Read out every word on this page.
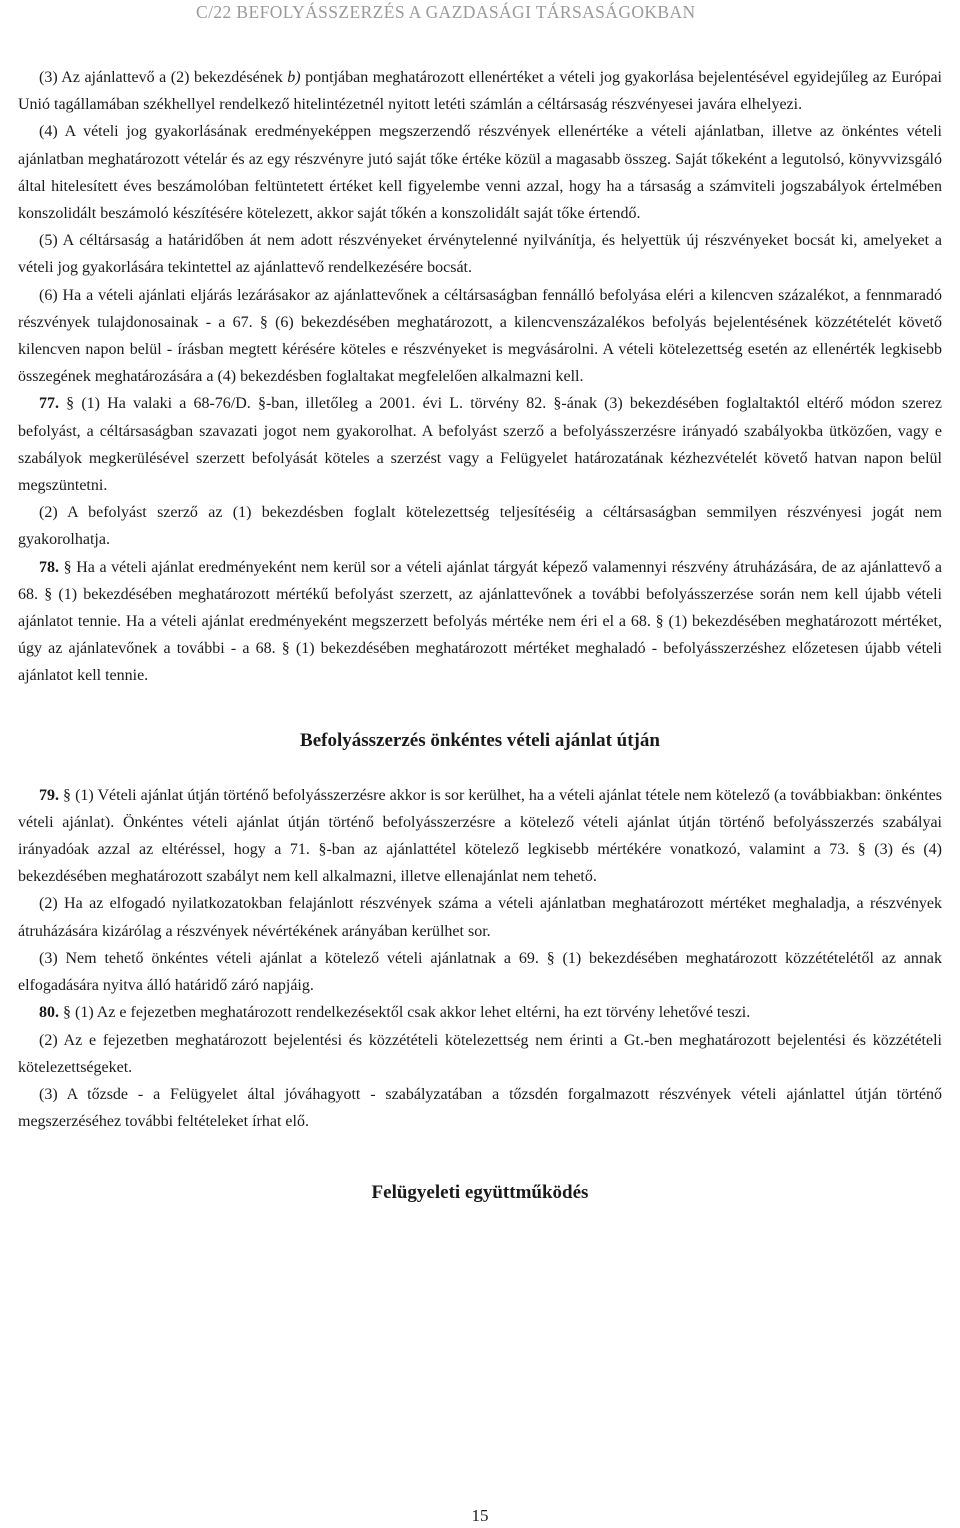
C/22 BEFOLYÁSSZERZÉS A GAZDASÁGI TÁRSASÁGOKBAN

(3) Az ajánlattevő a (2) bekezdésének b) pontjában meghatározott ellenértéket a vételi jog gyakorlása bejelentésével egyidejűleg az Európai Unió tagállamában székhellyel rendelkező hitelintézetnél nyitott letéti számlán a céltársaság részvényesei javára elhelyezi.

(4) A vételi jog gyakorlásának eredményeképpen megszerzendő részvények ellenértéke a vételi ajánlatban, illetve az önkéntes vételi ajánlatban meghatározott vételár és az egy részvényre jutó saját tőke értéke közül a magasabb összeg. Saját tőkeként a legutolsó, könyvvizsgáló által hitelesített éves beszámolóban feltüntetett értéket kell figyelembe venni azzal, hogy ha a társaság a számviteli jogszabályok értelmében konszolidált beszámoló készítésére kötelezett, akkor saját tőkén a konszolidált saját tőke értendő.

(5) A céltársaság a határidőben át nem adott részvényeket érvénytelenné nyilvánítja, és helyettük új részvényeket bocsát ki, amelyeket a vételi jog gyakorlására tekintettel az ajánlattevő rendelkezésére bocsát.

(6) Ha a vételi ajánlati eljárás lezárásakor az ajánlattevőnek a céltársaságban fennálló befolyása eléri a kilencven százalékot, a fennmaradó részvények tulajdonosainak - a 67. § (6) bekezdésében meghatározott, a kilencvenszázalékos befolyás bejelentésének közzétételét követő kilencven napon belül - írásban megtett kérésére köteles e részvényeket is megvásárolni. A vételi kötelezettség esetén az ellenérték legkisebb összegének meghatározására a (4) bekezdésben foglaltakat megfelelően alkalmazni kell.

77. § (1) Ha valaki a 68-76/D. §-ban, illetőleg a 2001. évi L. törvény 82. §-ának (3) bekezdésében foglaltaktól eltérő módon szerez befolyást, a céltársaságban szavazati jogot nem gyakorolhat. A befolyást szerző a befolyásszerzésre irányadó szabályokba ütközően, vagy e szabályok megkerülésével szerzett befolyását köteles a szerzést vagy a Felügyelet határozatának kézhezvételét követő hatvan napon belül megszüntetni.

(2) A befolyást szerző az (1) bekezdésben foglalt kötelezettség teljesítéséig a céltársaságban semmilyen részvényesi jogát nem gyakorolhatja.

78. § Ha a vételi ajánlat eredményeként nem kerül sor a vételi ajánlat tárgyát képező valamennyi részvény átruházására, de az ajánlattevő a 68. § (1) bekezdésében meghatározott mértékű befolyást szerzett, az ajánlattevőnek a további befolyásszerzése során nem kell újabb vételi ajánlatot tennie. Ha a vételi ajánlat eredményeként megszerzett befolyás mértéke nem éri el a 68. § (1) bekezdésében meghatározott mértéket, úgy az ajánlatevőnek a további - a 68. § (1) bekezdésében meghatározott mértéket meghaladó - befolyásszerzéshez előzetesen újabb vételi ajánlatot kell tennie.

Befolyásszerzés önkéntes vételi ajánlat útján

79. § (1) Vételi ajánlat útján történő befolyásszerzésre akkor is sor kerülhet, ha a vételi ajánlat tétele nem kötelező (a továbbiakban: önkéntes vételi ajánlat). Önkéntes vételi ajánlat útján történő befolyásszerzésre a kötelező vételi ajánlat útján történő befolyásszerzés szabályai irányadóak azzal az eltéréssel, hogy a 71. §-ban az ajánlattétel kötelező legkisebb mértékére vonatkozó, valamint a 73. § (3) és (4) bekezdésében meghatározott szabályt nem kell alkalmazni, illetve ellenajánlat nem tehető.

(2) Ha az elfogadó nyilatkozatokban felajánlott részvények száma a vételi ajánlatban meghatározott mértéket meghaladja, a részvények átruházására kizárólag a részvények névértékének arányában kerülhet sor.

(3) Nem tehető önkéntes vételi ajánlat a kötelező vételi ajánlatnak a 69. § (1) bekezdésében meghatározott közzétételétől az annak elfogadására nyitva álló határidő záró napjáig.

80. § (1) Az e fejezetben meghatározott rendelkezésektől csak akkor lehet eltérni, ha ezt törvény lehetővé teszi.

(2) Az e fejezetben meghatározott bejelentési és közzétételi kötelezettség nem érinti a Gt.-ben meghatározott bejelentési és közzétételi kötelezettségeket.

(3) A tőzsde - a Felügyelet által jóváhagyott - szabályzatában a tőzsdén forgalmazott részvények vételi ajánlattel útján történő megszerzéséhez további feltételeket írhat elő.

Felügyeleti együttműködés
15
